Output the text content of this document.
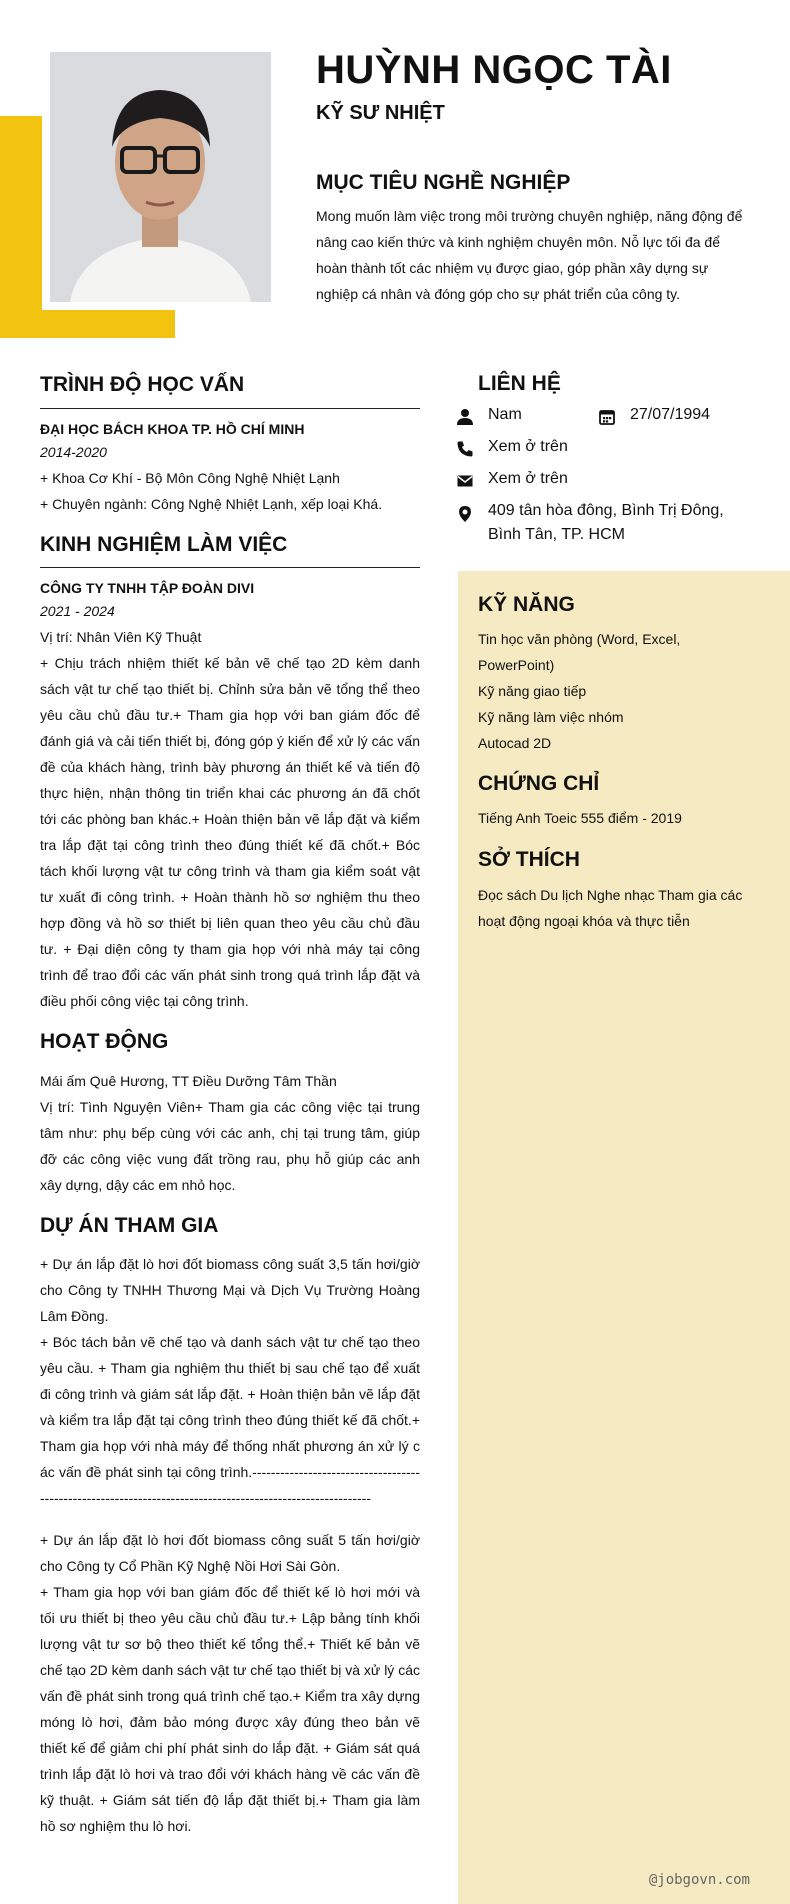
HUỲNH NGỌC TÀI
KỸ SƯ NHIỆT
MỤC TIÊU NGHỀ NGHIỆP
Mong muốn làm việc trong môi trường chuyên nghiệp, năng động để nâng cao kiến thức và kinh nghiệm chuyên môn. Nỗ lực tối đa để hoàn thành tốt các nhiệm vụ được giao, góp phần xây dựng sự nghiệp cá nhân và đóng góp cho sự phát triển của công ty.
TRÌNH ĐỘ HỌC VẤN
ĐẠI HỌC BÁCH KHOA TP. HỒ CHÍ MINH
2014-2020
+ Khoa Cơ Khí - Bộ Môn Công Nghệ Nhiệt Lạnh
+ Chuyên ngành: Công Nghệ Nhiệt Lạnh, xếp loại Khá.
KINH NGHIỆM LÀM VIỆC
CÔNG TY TNHH TẬP ĐOÀN DIVI
2021 - 2024
Vị trí: Nhân Viên Kỹ Thuật
+ Chịu trách nhiệm thiết kế bản vẽ chế tạo 2D kèm danh sách vật tư chế tạo thiết bị. Chỉnh sửa bản vẽ tổng thể theo yêu cầu chủ đầu tư.+ Tham gia họp với ban giám đốc để đánh giá và cải tiến thiết bị, đóng góp ý kiến để xử lý các vấn đề của khách hàng, trình bày phương án thiết kế và tiến độ thực hiện, nhận thông tin triển khai các phương án đã chốt tới các phòng ban khác.+ Hoàn thiện bản vẽ lắp đặt và kiểm tra lắp đặt tại công trình theo đúng thiết kế đã chốt.+ Bóc tách khối lượng vật tư công trình và tham gia kiểm soát vật tư xuất đi công trình. + Hoàn thành hồ sơ nghiệm thu theo hợp đồng và hồ sơ thiết bị liên quan theo yêu cầu chủ đầu tư. + Đại diện công ty tham gia họp với nhà máy tại công trình để trao đổi các vấn phát sinh trong quá trình lắp đặt và điều phối công việc tại công trình.
HOẠT ĐỘNG
Mái ấm Quê Hương, TT Điều Dưỡng Tâm Thần
Vị trí: Tình Nguyện Viên+ Tham gia các công việc tại trung tâm như: phụ bếp cùng với các anh, chị tại trung tâm, giúp đỡ các công việc vung đất trồng rau, phụ hỗ giúp các anh xây dựng, dậy các em nhỏ học.
DỰ ÁN THAM GIA
+ Dự án lắp đặt lò hơi đốt biomass công suất 3,5 tấn hơi/giờ cho Công ty TNHH Thương Mại và Dịch Vụ Trường Hoàng Lâm Đồng.
+ Bóc tách bản vẽ chế tạo và danh sách vật tư chế tạo theo yêu cầu. + Tham gia nghiệm thu thiết bị sau chế tạo để xuất đi công trình và giám sát lắp đặt. + Hoàn thiện bản vẽ lắp đặt và kiểm tra lắp đặt tại công trình theo đúng thiết kế đã chốt.+ Tham gia họp với nhà máy để thống nhất phương án xử lý các vấn đề phát sinh tại công trình.-----------------------------------------------------------------------------------------------------------
+ Dự án lắp đặt lò hơi đốt biomass công suất 5 tấn hơi/giờ cho Công ty Cổ Phần Kỹ Nghệ Nồi Hơi Sài Gòn.
+ Tham gia họp với ban giám đốc để thiết kế lò hơi mới và tối ưu thiết bị theo yêu cầu chủ đầu tư.+ Lập bảng tính khối lượng vật tư sơ bộ theo thiết kế tổng thể.+ Thiết kế bản vẽ chế tạo 2D kèm danh sách vật tư chế tạo thiết bị và xử lý các vấn đề phát sinh trong quá trình chế tạo.+ Kiểm tra xây dựng móng lò hơi, đảm bảo móng được xây đúng theo bản vẽ thiết kế để giảm chi phí phát sinh do lắp đặt. + Giám sát quá trình lắp đặt lò hơi và trao đổi với khách hàng về các vấn đề kỹ thuật. + Giám sát tiến độ lắp đặt thiết bị.+ Tham gia làm hồ sơ nghiệm thu lò hơi.
LIÊN HỆ
Nam	27/07/1994
Xem ở trên
Xem ở trên
409 tân hòa đông, Bình Trị Đông, Bình Tân, TP. HCM
KỸ NĂNG
Tin học văn phòng (Word, Excel, PowerPoint)
Kỹ năng giao tiếp
Kỹ năng làm việc nhóm
Autocad 2D
CHỨNG CHỈ
Tiếng Anh Toeic 555 điểm - 2019
SỞ THÍCH
Đọc sách Du lịch Nghe nhạc Tham gia các hoạt động ngoại khóa và thực tiễn
@jobgovn.com
